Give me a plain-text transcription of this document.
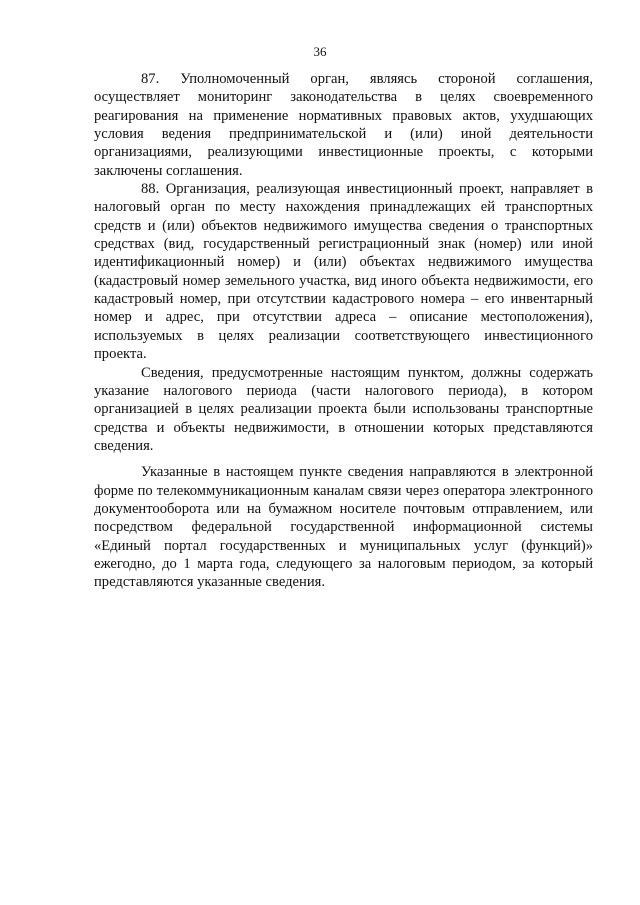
36

87. Уполномоченный орган, являясь стороной соглашения, осуществляет мониторинг законодательства в целях своевременного реагирования на применение нормативных правовых актов, ухудшающих условия ведения предпринимательской и (или) иной деятельности организациями, реализующими инвестиционные проекты, с которыми заключены соглашения.

88. Организация, реализующая инвестиционный проект, направляет в налоговый орган по месту нахождения принадлежащих ей транспортных средств и (или) объектов недвижимого имущества сведения о транспортных средствах (вид, государственный регистрационный знак (номер) или иной идентификационный номер) и (или) объектах недвижимого имущества (кадастровый номер земельного участка, вид иного объекта недвижимости, его кадастровый номер, при отсутствии кадастрового номера – его инвентарный номер и адрес, при отсутствии адреса – описание местоположения), используемых в целях реализации соответствующего инвестиционного проекта.

Сведения, предусмотренные настоящим пунктом, должны содержать указание налогового периода (части налогового периода), в котором организацией в целях реализации проекта были использованы транспортные средства и объекты недвижимости, в отношении которых представляются сведения.

Указанные в настоящем пункте сведения направляются в электронной форме по телекоммуникационным каналам связи через оператора электронного документооборота или на бумажном носителе почтовым отправлением, или посредством федеральной государственной информационной системы «Единый портал государственных и муниципальных услуг (функций)» ежегодно, до 1 марта года, следующего за налоговым периодом, за который представляются указанные сведения.
